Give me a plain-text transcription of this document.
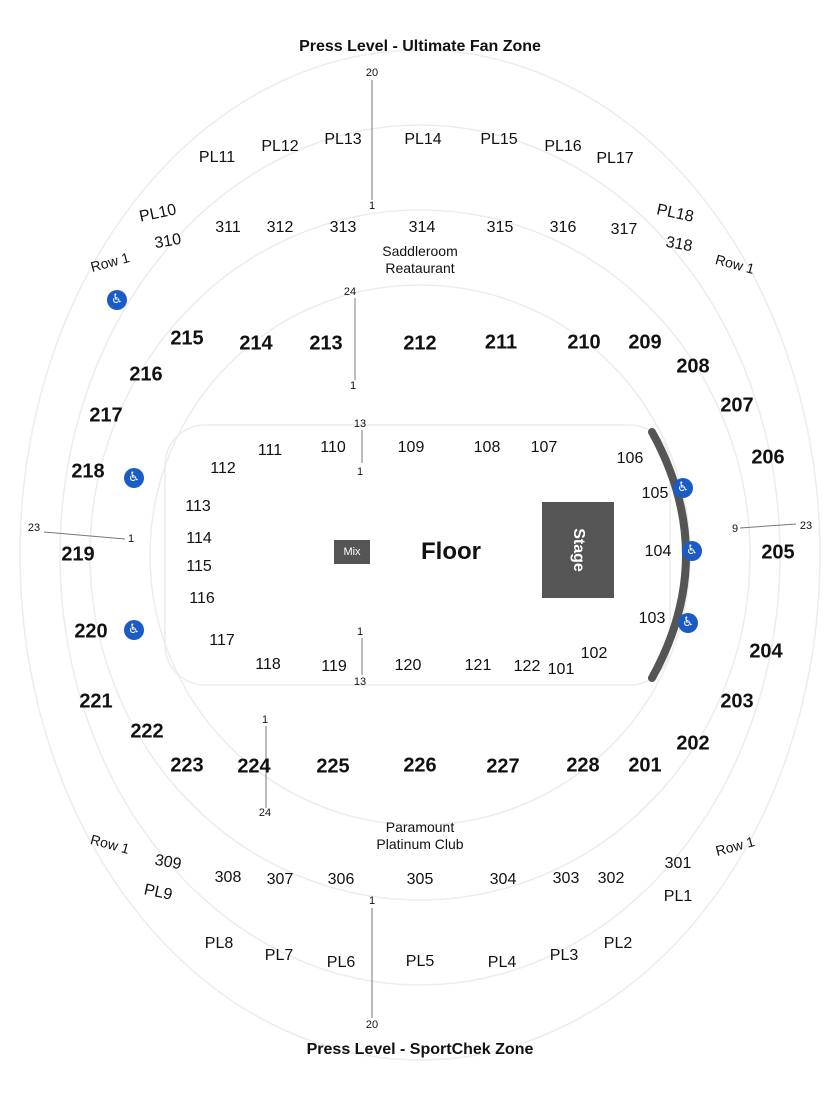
Press Level - Ultimate Fan Zone
Press Level - SportChek Zone
Saddleroom
Reataurant
Paramount
Platinum Club
Floor
Mix	Stage
Row 1	Row 1
Row 1	Row 1
PL1
PL2
PL3
PL4
PL5
PL6
PL7
PL8
PL9
PL10
PL11
PL12 PL13	PL14 PL15 PL16
PL17
PL18
301
302
303
304
305
306
307
308
309
310
311 312 313	314	315 316 317
318
201
202
203
204
205
206
207
208
209
210
211
212
213
214
215
216
217
218
219
220
221
222
223 224 225	226 227 228
101
102
103
104
105
106
107
108
109
110
111
112
113
114
115
116
117
118	119	120	121 122
20
1
24
1
13
1
23
1
9	23
1
13
1
24
1
20
♿
♿
♿
♿
♿
♿
